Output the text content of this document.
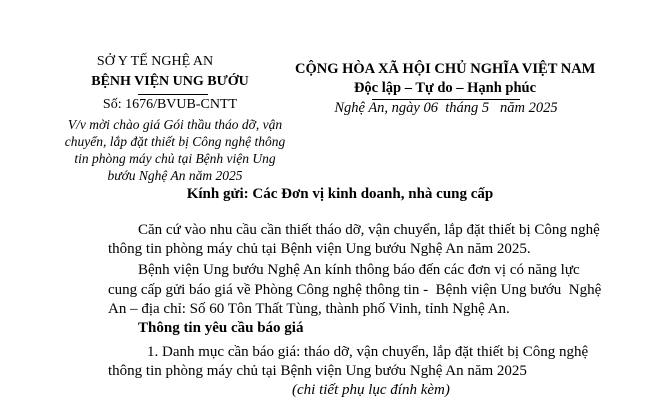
SỞ Y TẾ NGHỆ AN
BỆNH VIỆN UNG BƯỚU
Số: 1676/BVUB-CNTT
V/v mời chào giá Gói thầu tháo dỡ, vận
chuyển, lắp đặt thiết bị Công nghệ thông
tin phòng máy chủ tại Bệnh viện Ung
bướu Nghệ An năm 2025
CỘNG HÒA XÃ HỘI CHỦ NGHĨA VIỆT NAM
Độc lập – Tự do – Hạnh phúc
Nghệ An, ngày 06  tháng 5   năm 2025
Kính gửi: Các Đơn vị kinh doanh, nhà cung cấp
Căn cứ vào nhu cầu cần thiết tháo dỡ, vận chuyển, lắp đặt thiết bị Công nghệ
thông tin phòng máy chủ tại Bệnh viện Ung bướu Nghệ An năm 2025.
Bệnh viện Ung bướu Nghệ An kính thông báo đến các đơn vị có năng lực
cung cấp gửi báo giá về Phòng Công nghệ thông tin -  Bệnh viện Ung bướu  Nghệ
An – địa chỉ: Số 60 Tôn Thất Tùng, thành phố Vinh, tỉnh Nghệ An.
Thông tin yêu cầu báo giá
1. Danh mục cần báo giá: tháo dỡ, vận chuyển, lắp đặt thiết bị Công nghệ
thông tin phòng máy chủ tại Bệnh viện Ung bướu Nghệ An năm 2025
(chi tiết phụ lục đính kèm)
